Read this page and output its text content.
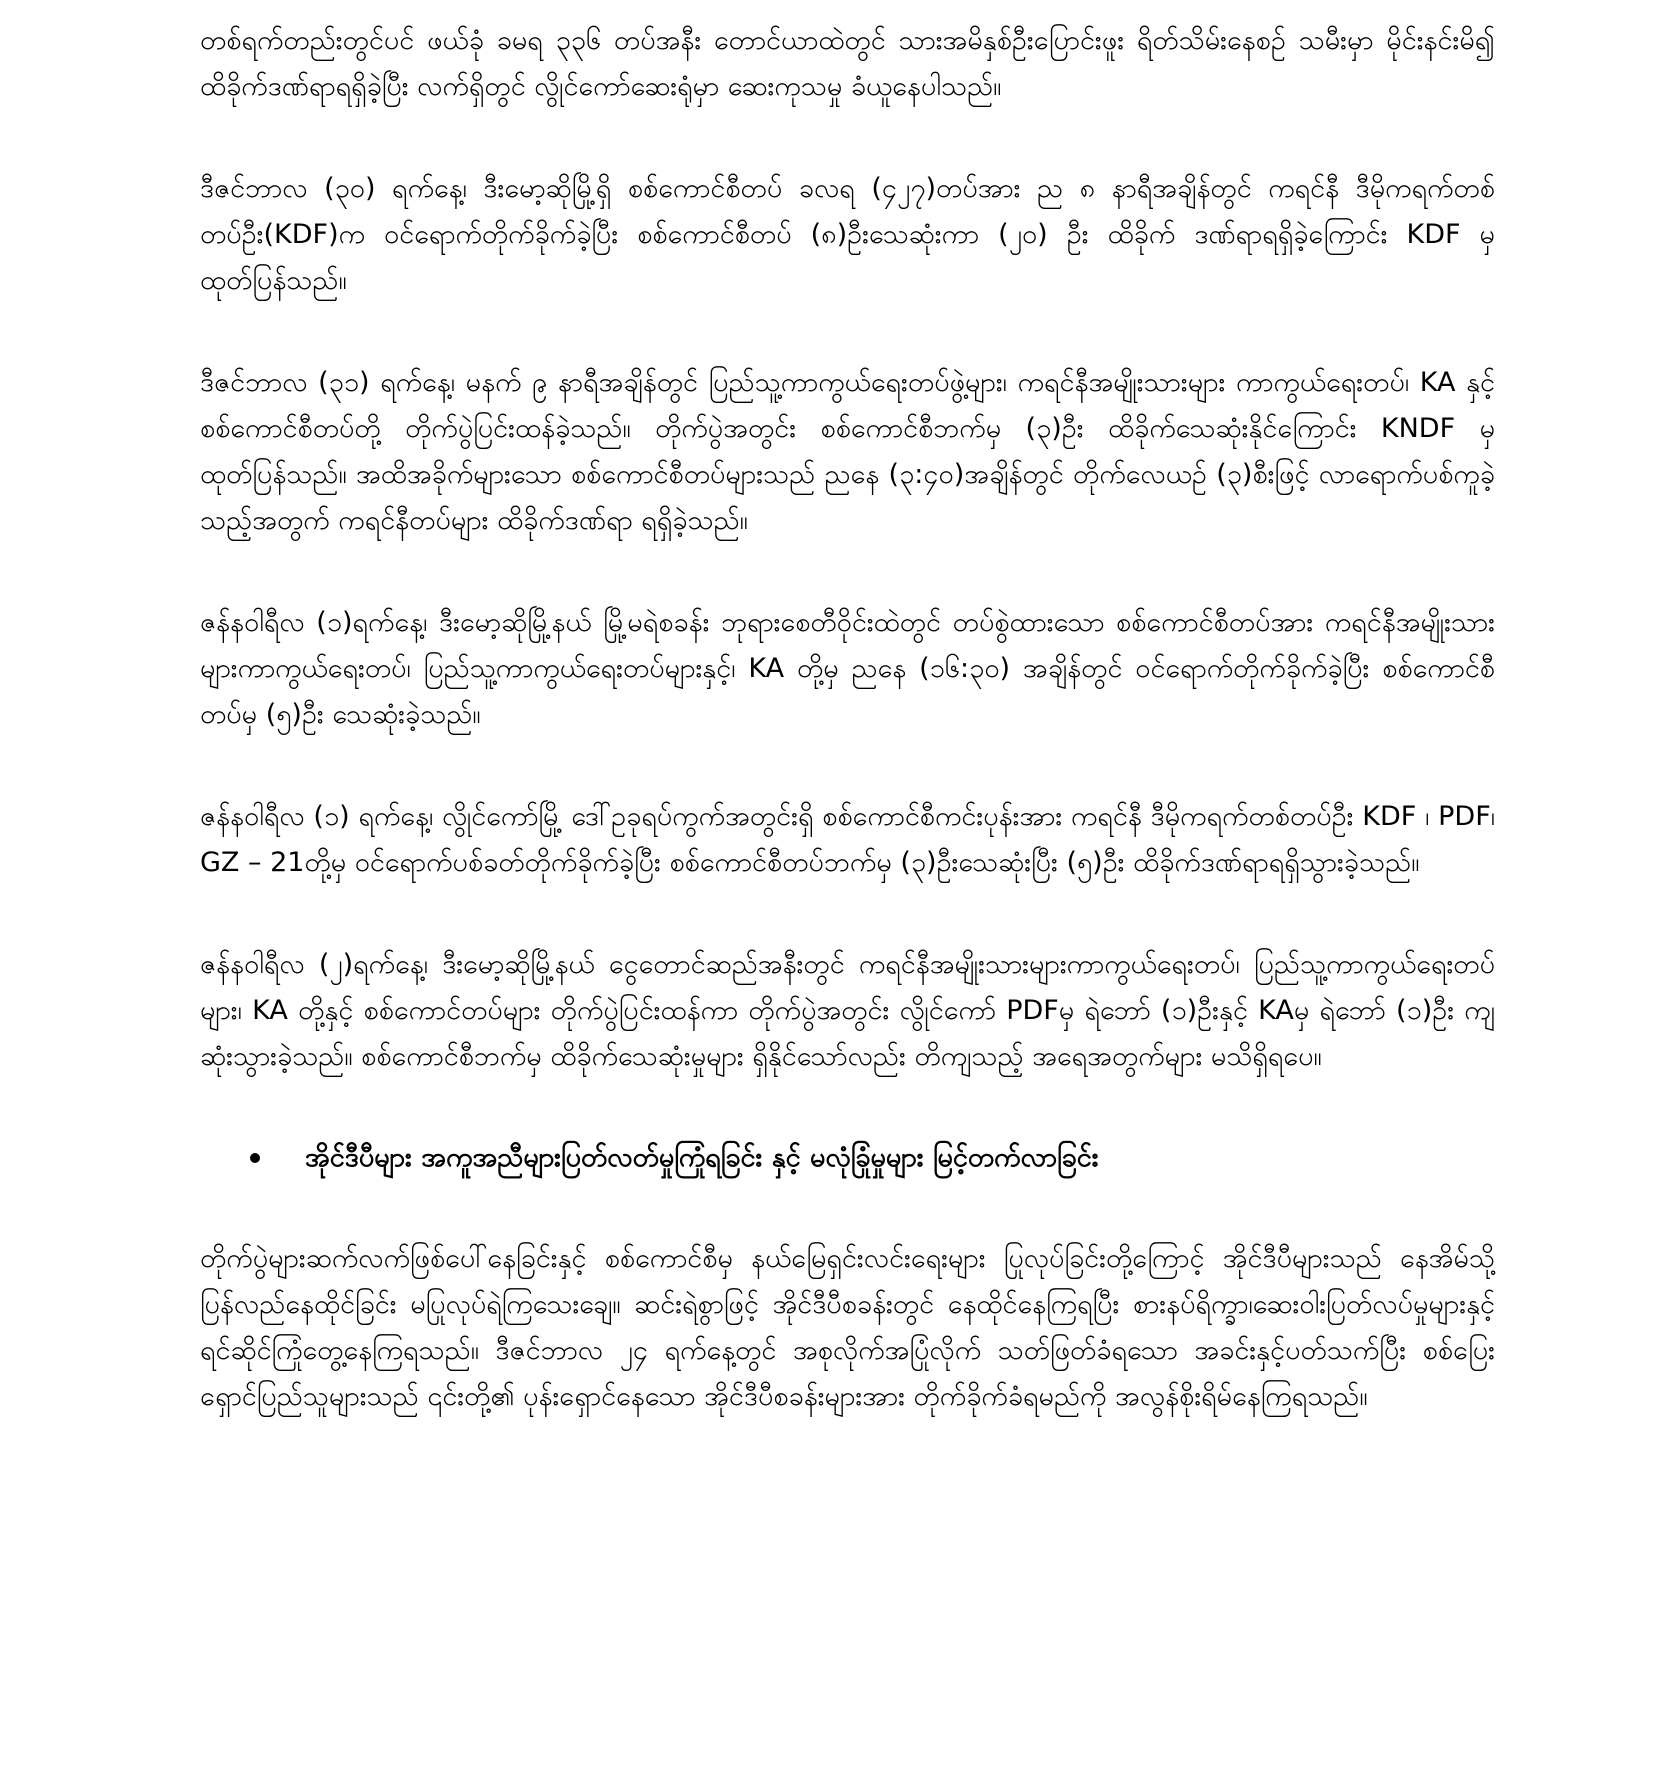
တစ်ရက်တည်းတွင်ပင် ဖယ်ခုံ ခမရ ၃၃၆ တပ်အနီး တောင်ယာထဲတွင် သားအမိနှစ်ဦးပြောင်းဖူး ရိတ်သိမ်းနေစဉ် သမီးမှာ မိုင်းနင်းမိ၍ ထိခိုက်ဒဏ်ရာရရှိခဲ့ပြီး လက်ရှိတွင် လွိုင်ကော်ဆေးရုံမှာ ဆေးကုသမှု ခံယူနေပါသည်။

ဒီဇင်ဘာလ (၃၀) ရက်နေ့၊ ဒီးမော့ဆိုမြို့ရှိ စစ်ကောင်စီတပ် ခလရ (၄၂၇)တပ်အား ည ၈ နာရီအချိန်တွင် ကရင်နီ ဒီမိုကရက်တစ်တပ်ဦး(KDF)က ဝင်ရောက်တိုက်ခိုက်ခဲ့ပြီး စစ်ကောင်စီတပ် (၈)ဦးသေဆုံးကာ (၂၀) ဦး ထိခိုက် ဒဏ်ရာရရှိခဲ့ကြောင်း KDF မှ ထုတ်ပြန်သည်။

ဒီဇင်ဘာလ (၃၁) ရက်နေ့၊ မနက် ၉ နာရီအချိန်တွင် ပြည်သူ့ကာကွယ်ရေးတပ်ဖွဲ့များ၊ ကရင်နီအမျိုးသားများ ကာကွယ်ရေးတပ်၊ KA နှင့် စစ်ကောင်စီတပ်တို့ တိုက်ပွဲပြင်းထန်ခဲ့သည်။ တိုက်ပွဲအတွင်း စစ်ကောင်စီဘက်မှ (၃)ဦး ထိခိုက်သေဆုံးနိုင်ကြောင်း KNDF မှ ထုတ်ပြန်သည်။ အထိအခိုက်များသော စစ်ကောင်စီတပ်များသည် ညနေ (၃:၄၀)အချိန်တွင် တိုက်လေယဉ် (၃)စီးဖြင့် လာရောက်ပစ်ကူခဲ့သည့်အတွက် ကရင်နီတပ်များ ထိခိုက်ဒဏ်ရာ ရရှိခဲ့သည်။

ဇန်နဝါရီလ (၁)ရက်နေ့၊ ဒီးမော့ဆိုမြို့နယ် မြို့မရဲစခန်း ဘုရားစေတီဝိုင်းထဲတွင် တပ်စွဲထားသော စစ်ကောင်စီတပ်အား ကရင်နီအမျိုးသားများကာကွယ်ရေးတပ်၊ ပြည်သူ့ကာကွယ်ရေးတပ်များနှင့်၊ KA တို့မှ ညနေ (၁၆:၃၀) အချိန်တွင် ဝင်ရောက်တိုက်ခိုက်ခဲ့ပြီး စစ်ကောင်စီတပ်မှ (၅)ဦး သေဆုံးခဲ့သည်။

ဇန်နဝါရီလ (၁) ရက်နေ့၊ လွိုင်ကော်မြို့ ဒေါ်ဥခုရပ်ကွက်အတွင်းရှိ စစ်ကောင်စီကင်းပုန်းအား ကရင်နီ ဒီမိုကရက်တစ်တပ်ဦး KDF ၊ PDF၊ GZ – 21တို့မှ ဝင်ရောက်ပစ်ခတ်တိုက်ခိုက်ခဲ့ပြီး စစ်ကောင်စီတပ်ဘက်မှ (၃)ဦးသေဆုံးပြီး (၅)ဦး ထိခိုက်ဒဏ်ရာရရှိသွားခဲ့သည်။

ဇန်နဝါရီလ (၂)ရက်နေ့၊ ဒီးမော့ဆိုမြို့နယ် ငွေတောင်ဆည်အနီးတွင် ကရင်နီအမျိုးသားများကာကွယ်ရေးတပ်၊ ပြည်သူ့ကာကွယ်ရေးတပ်များ၊ KA တို့နှင့် စစ်ကောင်တပ်များ တိုက်ပွဲပြင်းထန်ကာ တိုက်ပွဲအတွင်း လွိုင်ကော် PDFမှ ရဲဘော် (၁)ဦးနှင့် KAမှ ရဲဘော် (၁)ဦး ကျဆုံးသွားခဲ့သည်။ စစ်ကောင်စီဘက်မှ ထိခိုက်သေဆုံးမှုများ ရှိနိုင်သော်လည်း တိကျသည့် အရေအတွက်များ မသိရှိရပေ။

အိုင်ဒီပီများ အကူအညီများပြတ်လတ်မှုကြုံရခြင်း နှင့် မလုံခြုံမှုများ မြင့်တက်လာခြင်း

တိုက်ပွဲများဆက်လက်ဖြစ်ပေါ်နေခြင်းနှင့် စစ်ကောင်စီမှ နယ်မြေရှင်းလင်းရေးများ ပြုလုပ်ခြင်းတို့ကြောင့် အိုင်ဒီပီများသည် နေအိမ်သို့ ပြန်လည်နေထိုင်ခြင်း မပြုလုပ်ရဲကြသေးချေ။ ဆင်းရဲစွာဖြင့် အိုင်ဒီပီစခန်းတွင် နေထိုင်နေကြရပြီး စားနပ်ရိက္ခာ၊ဆေးဝါးပြတ်လပ်မှုများနှင့် ရင်ဆိုင်ကြုံတွေ့နေကြရသည်။ ဒီဇင်ဘာလ ၂၄ ရက်နေ့တွင် အစုလိုက်အပြုံလိုက် သတ်ဖြတ်ခံရသော အခင်းနှင့်ပတ်သက်ပြီး စစ်ပြေးရှောင်ပြည်သူများသည် ၎င်းတို့၏ ပုန်းရှောင်နေသော အိုင်ဒီပီစခန်းများအား တိုက်ခိုက်ခံရမည်ကို အလွန်စိုးရိမ်နေကြရသည်။
